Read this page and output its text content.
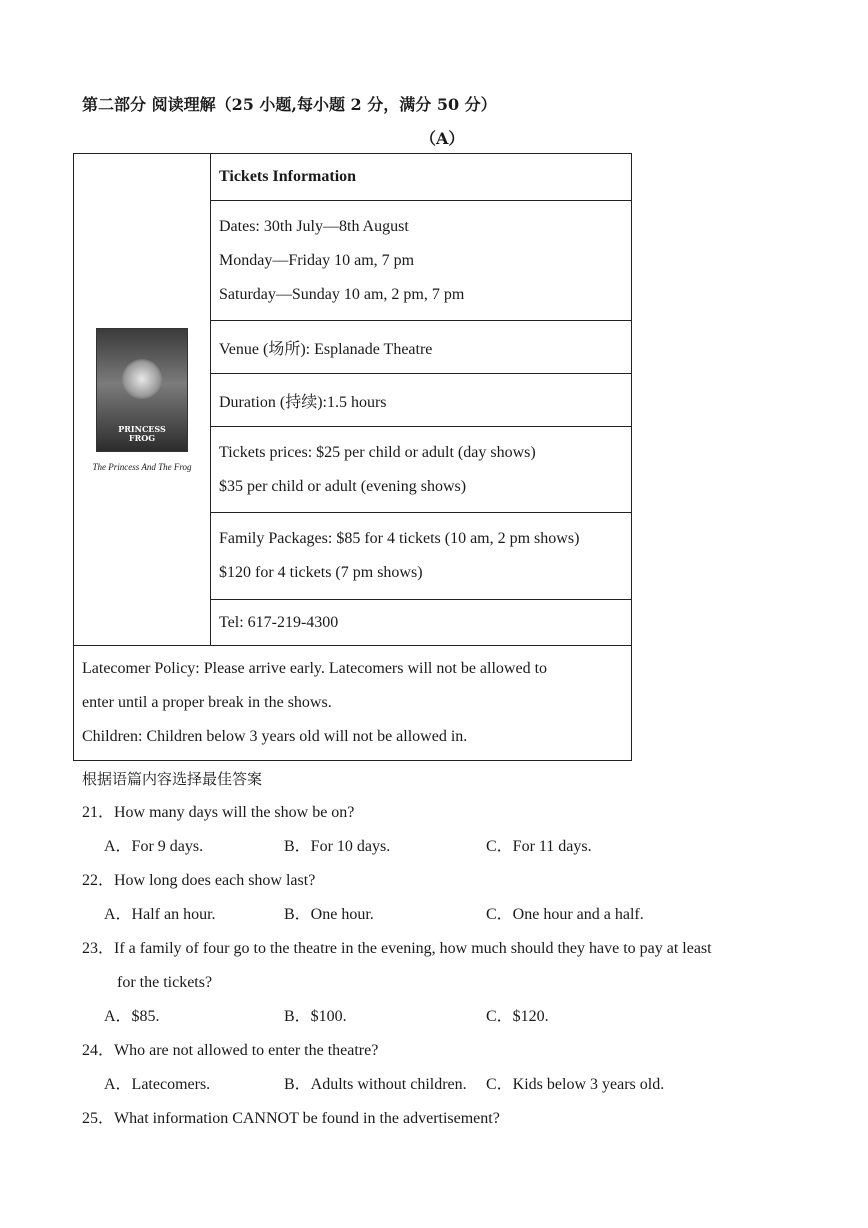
第二部分 阅读理解（25 小题,每小题 2 分，满分 50 分）
（A）
PRINCESS
FROG
The Princess And The Frog
	Tickets Information

Dates: 30th July—8th August
Monday—Friday 10 am, 7 pm
Saturday—Sunday 10 am, 2 pm, 7 pm

Venue (场所): Esplanade Theatre
Duration (持续):1.5 hours

Tickets prices: $25 per child or adult (day shows)
$35 per child or adult (evening shows)

Family Packages: $85 for 4 tickets (10 am, 2 pm shows)
$120 for 4 tickets (7 pm shows)

Tel: 617-219-4300

Latecomer Policy: Please arrive early. Latecomers will not be allowed to
enter until a proper break in the shows.
Children: Children below 3 years old will not be allowed in.
根据语篇内容选择最佳答案
21．How many days will the show be on?
A．For 9 days.	B．For 10 days.	C．For 11 days.
22．How long does each show last?
A．Half an hour.	B．One hour.	C．One hour and a half.
23．If a family of four go to the theatre in the evening, how much should they have to pay at least
for the tickets?
A．$85.	B．$100.	C．$120.
24．Who are not allowed to enter the theatre?
A．Latecomers.	B．Adults without children.	C．Kids below 3 years old.
25．What information CANNOT be found in the advertisement?
